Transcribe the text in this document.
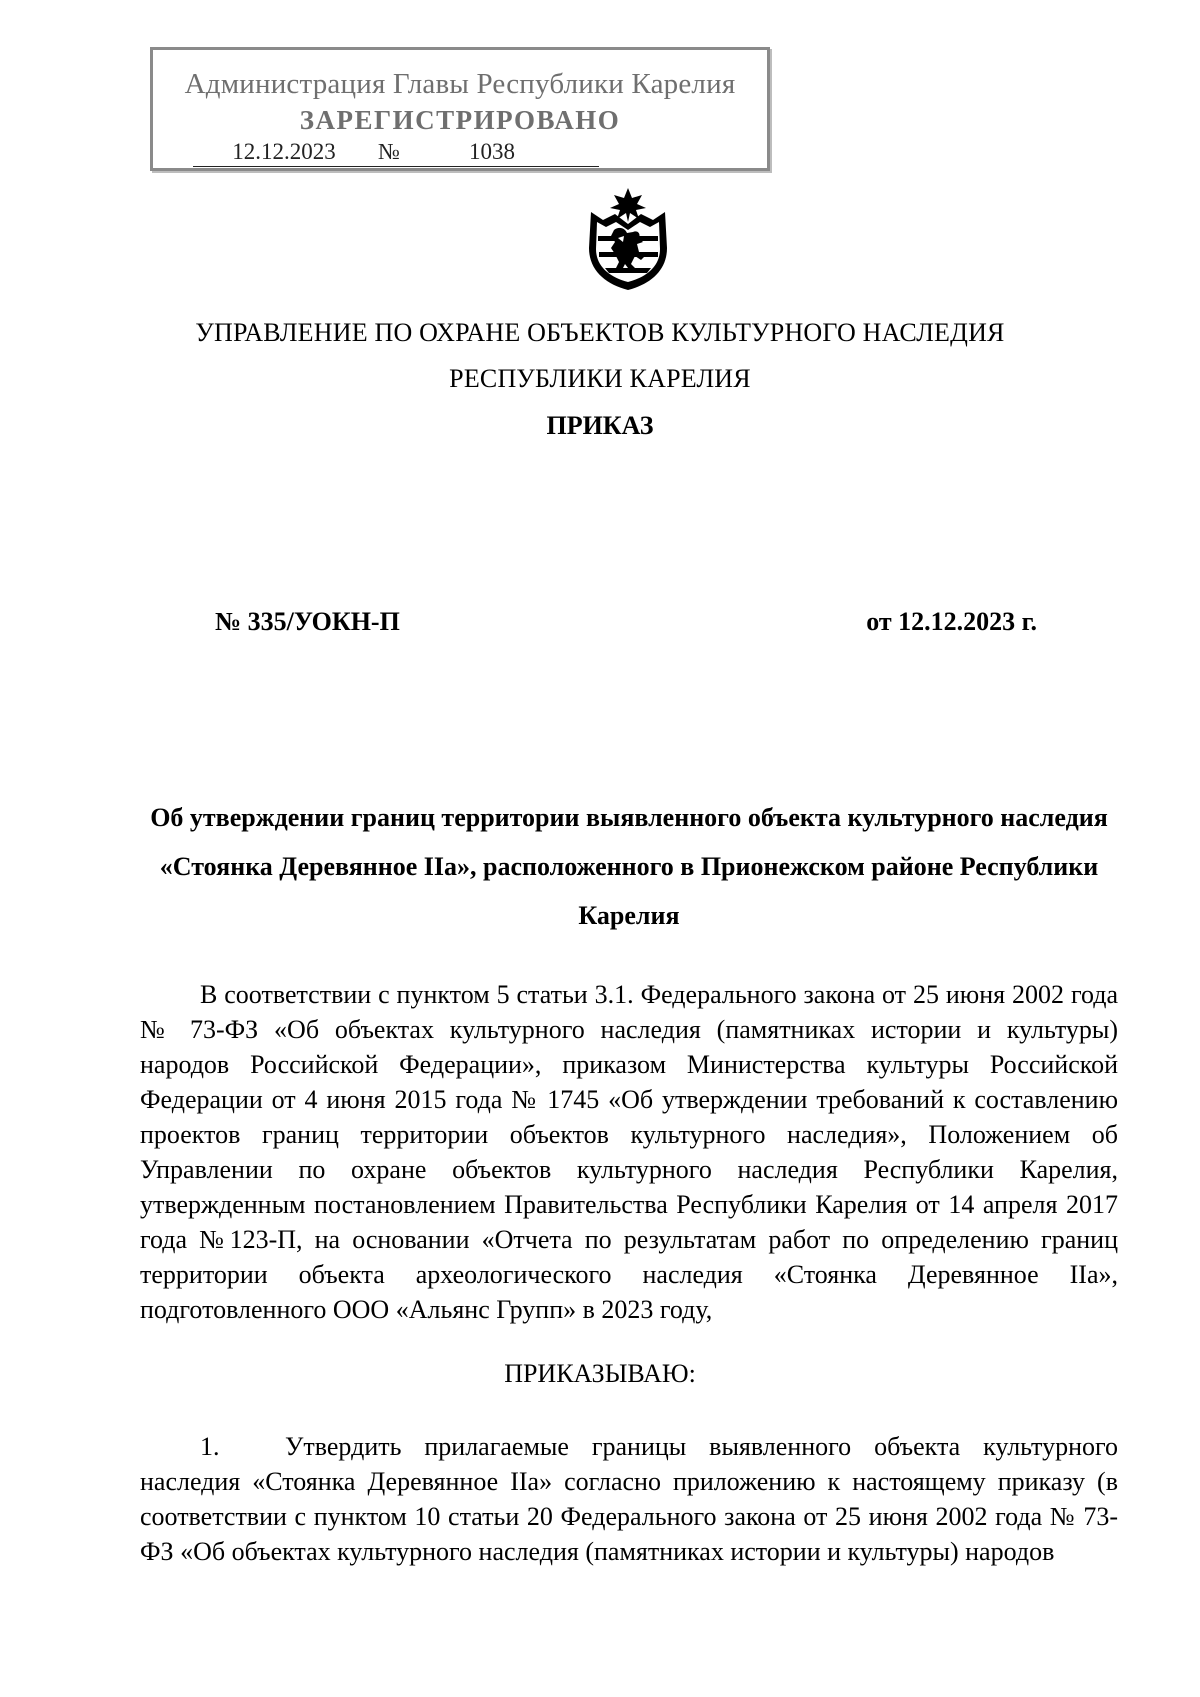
Администрация Главы Республики Карелия
ЗАРЕГИСТРИРОВАНО
12.12.2023	№	1038
УПРАВЛЕНИЕ ПО ОХРАНЕ ОБЪЕКТОВ КУЛЬТУРНОГО НАСЛЕДИЯ
РЕСПУБЛИКИ КАРЕЛИЯ
ПРИКАЗ
№ 335/УОКН-П	от 12.12.2023 г.
Об утверждении границ территории выявленного объекта культурного наследия «Стоянка Деревянное IIа», расположенного в Прионежском районе Республики Карелия
В соответствии с пунктом 5 статьи 3.1. Федерального закона от 25 июня 2002 года № 73-ФЗ «Об объектах культурного наследия (памятниках истории и культуры) народов Российской Федерации», приказом Министерства культуры Российской Федерации от 4 июня 2015 года № 1745 «Об утверждении требований к составлению проектов границ территории объектов культурного наследия», Положением об Управлении по охране объектов культурного наследия Республики Карелия, утвержденным постановлением Правительства Республики Карелия от 14 апреля 2017 года №123-П, на основании «Отчета по результатам работ по определению границ территории объекта археологического наследия «Стоянка Деревянное IIа», подготовленного ООО «Альянс Групп» в 2023 году,
ПРИКАЗЫВАЮ:
1.	Утвердить прилагаемые границы выявленного объекта культурного наследия «Стоянка Деревянное IIа» согласно приложению к настоящему приказу (в соответствии с пунктом 10 статьи 20 Федерального закона от 25 июня 2002 года № 73-ФЗ «Об объектах культурного наследия (памятниках истории и культуры) народов
